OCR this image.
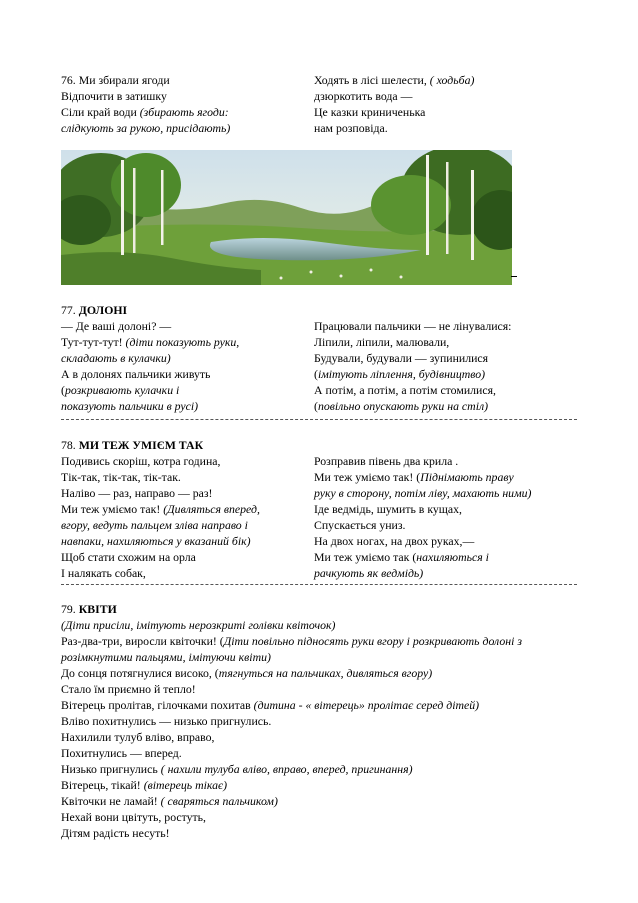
76. Ми збирали ягоди
Відпочити в затишку
Сіли край води (збирають ягоди:
слідкують за рукою, присідають)
Ходять в лісі шелести, ( ходьба)
дзюркотить вода —
Це казки криниченька
нам розповіда.
77. ДОЛОНІ
— Де ваші долоні? —
Тут-тут-тут! (діти показують руки,
складають в кулачки)
А в долонях пальчики живуть
(розкривають кулачки і
показують пальчики в русі)
Працювали пальчики — не лінувалися:
Ліпили, ліпили, малювали,
Будували, будували — зупинилися
(імітують ліплення, будівництво)
А потім, а потім, а потім стомилися,
(повільно опускають руки на стіл)
78. МИ ТЕЖ УМІЄМ ТАК
Подивись скоріш, котра година,
Тік-так, тік-так, тік-так.
Наліво — раз, направо — раз!
Ми теж уміємо так! (Дивляться вперед,
вгору, ведуть пальцем зліва направо і
навпаки, нахиляються у вказаний бік)
Щоб стати схожим на орла
І налякать собак,
Розправив півень два крила .
Ми теж уміємо так! (Піднімають праву
руку в сторону, потім ліву, махають ними)
Іде ведмідь, шумить в кущах,
Спускається униз.
На двох ногах, на двох руках,—
Ми теж уміємо так (нахиляються і
рачкують як ведмідь)
79. КВІТИ
(Діти присіли, імітують нерозкриті голівки квіточок)
Раз-два-три, виросли квіточки! (Діти повільно підносять руки вгору і розкривають долоні з
розімкнутими пальцями, імітуючи квіти)
До сонця потягнулися високо, (тягнуться на пальчиках, дивляться вгору)
Стало їм приємно й тепло!
Вітерець пролітав, гілочками похитав (дитина - « вітерець» пролітає серед дітей)
Вліво похитнулись — низько пригнулись.
Нахилили тулуб вліво, вправо,
Похитнулись — вперед.
Низько пригнулись ( нахили тулуба вліво, вправо, вперед, пригинання)
Вітерець, тікай! (вітерець тікає)
Квіточки не ламай! ( сваряться пальчиком)
Нехай вони цвітуть, ростуть,
Дітям радість несуть!
